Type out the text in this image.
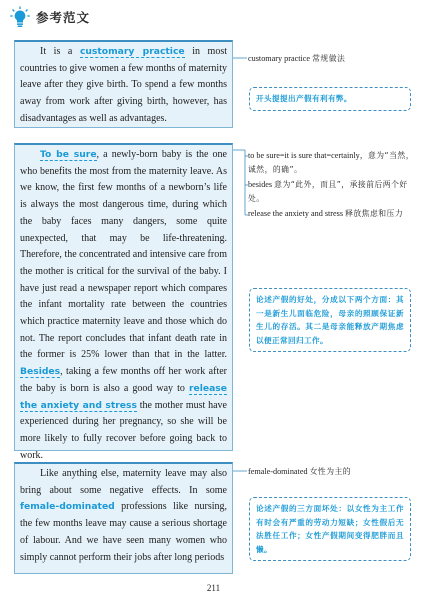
参考范文

It is a customary practice in most countries to give women a few months of maternity leave after they give birth. To spend a few months away from work after giving birth, however, has disadvantages as well as advantages.

To be sure, a newly-born baby is the one who benefits the most from the maternity leave. As we know, the first few months of a newborn’s life is always the most dangerous time, during which the baby faces many dangers, some quite unexpected, that may be life-threatening. Therefore, the concentrated and intensive care from the mother is critical for the survival of the baby. I have just read a newspaper report which compares the infant mortality rate between the countries which practice maternity leave and those which do not. The report concludes that infant death rate in the former is 25% lower than that in the latter. Besides, taking a few months off her work after the baby is born is also a good way to release the anxiety and stress the mother must have experienced during her pregnancy, so she will be more likely to fully recover before going back to work.

Like anything else, maternity leave may also bring about some negative effects. In some female-dominated professions like nursing, the few months leave may cause a serious shortage of labour. And we have seen many women who simply cannot perform their jobs after long periods

customary practice 常规做法
开头提提出产假有利有弊。
to be sure=it is sure that=certainly，意为“当然，诚然，的确”。
besides 意为“此外，而且”，承接前后两个好处。
release the anxiety and stress 释放焦虑和压力
论述产假的好处，分成以下两个方面：其一是新生儿面临危险，母亲的照顾保证新生儿的存活。其二是母亲能释放产期焦虑以便正常回归工作。
female-dominated 女性为主的
论述产假的三方面坏处：以女性为主工作有时会有严重的劳动力短缺；女性假后无法胜任工作；女性产假期间变得肥胖而且懒。
211
